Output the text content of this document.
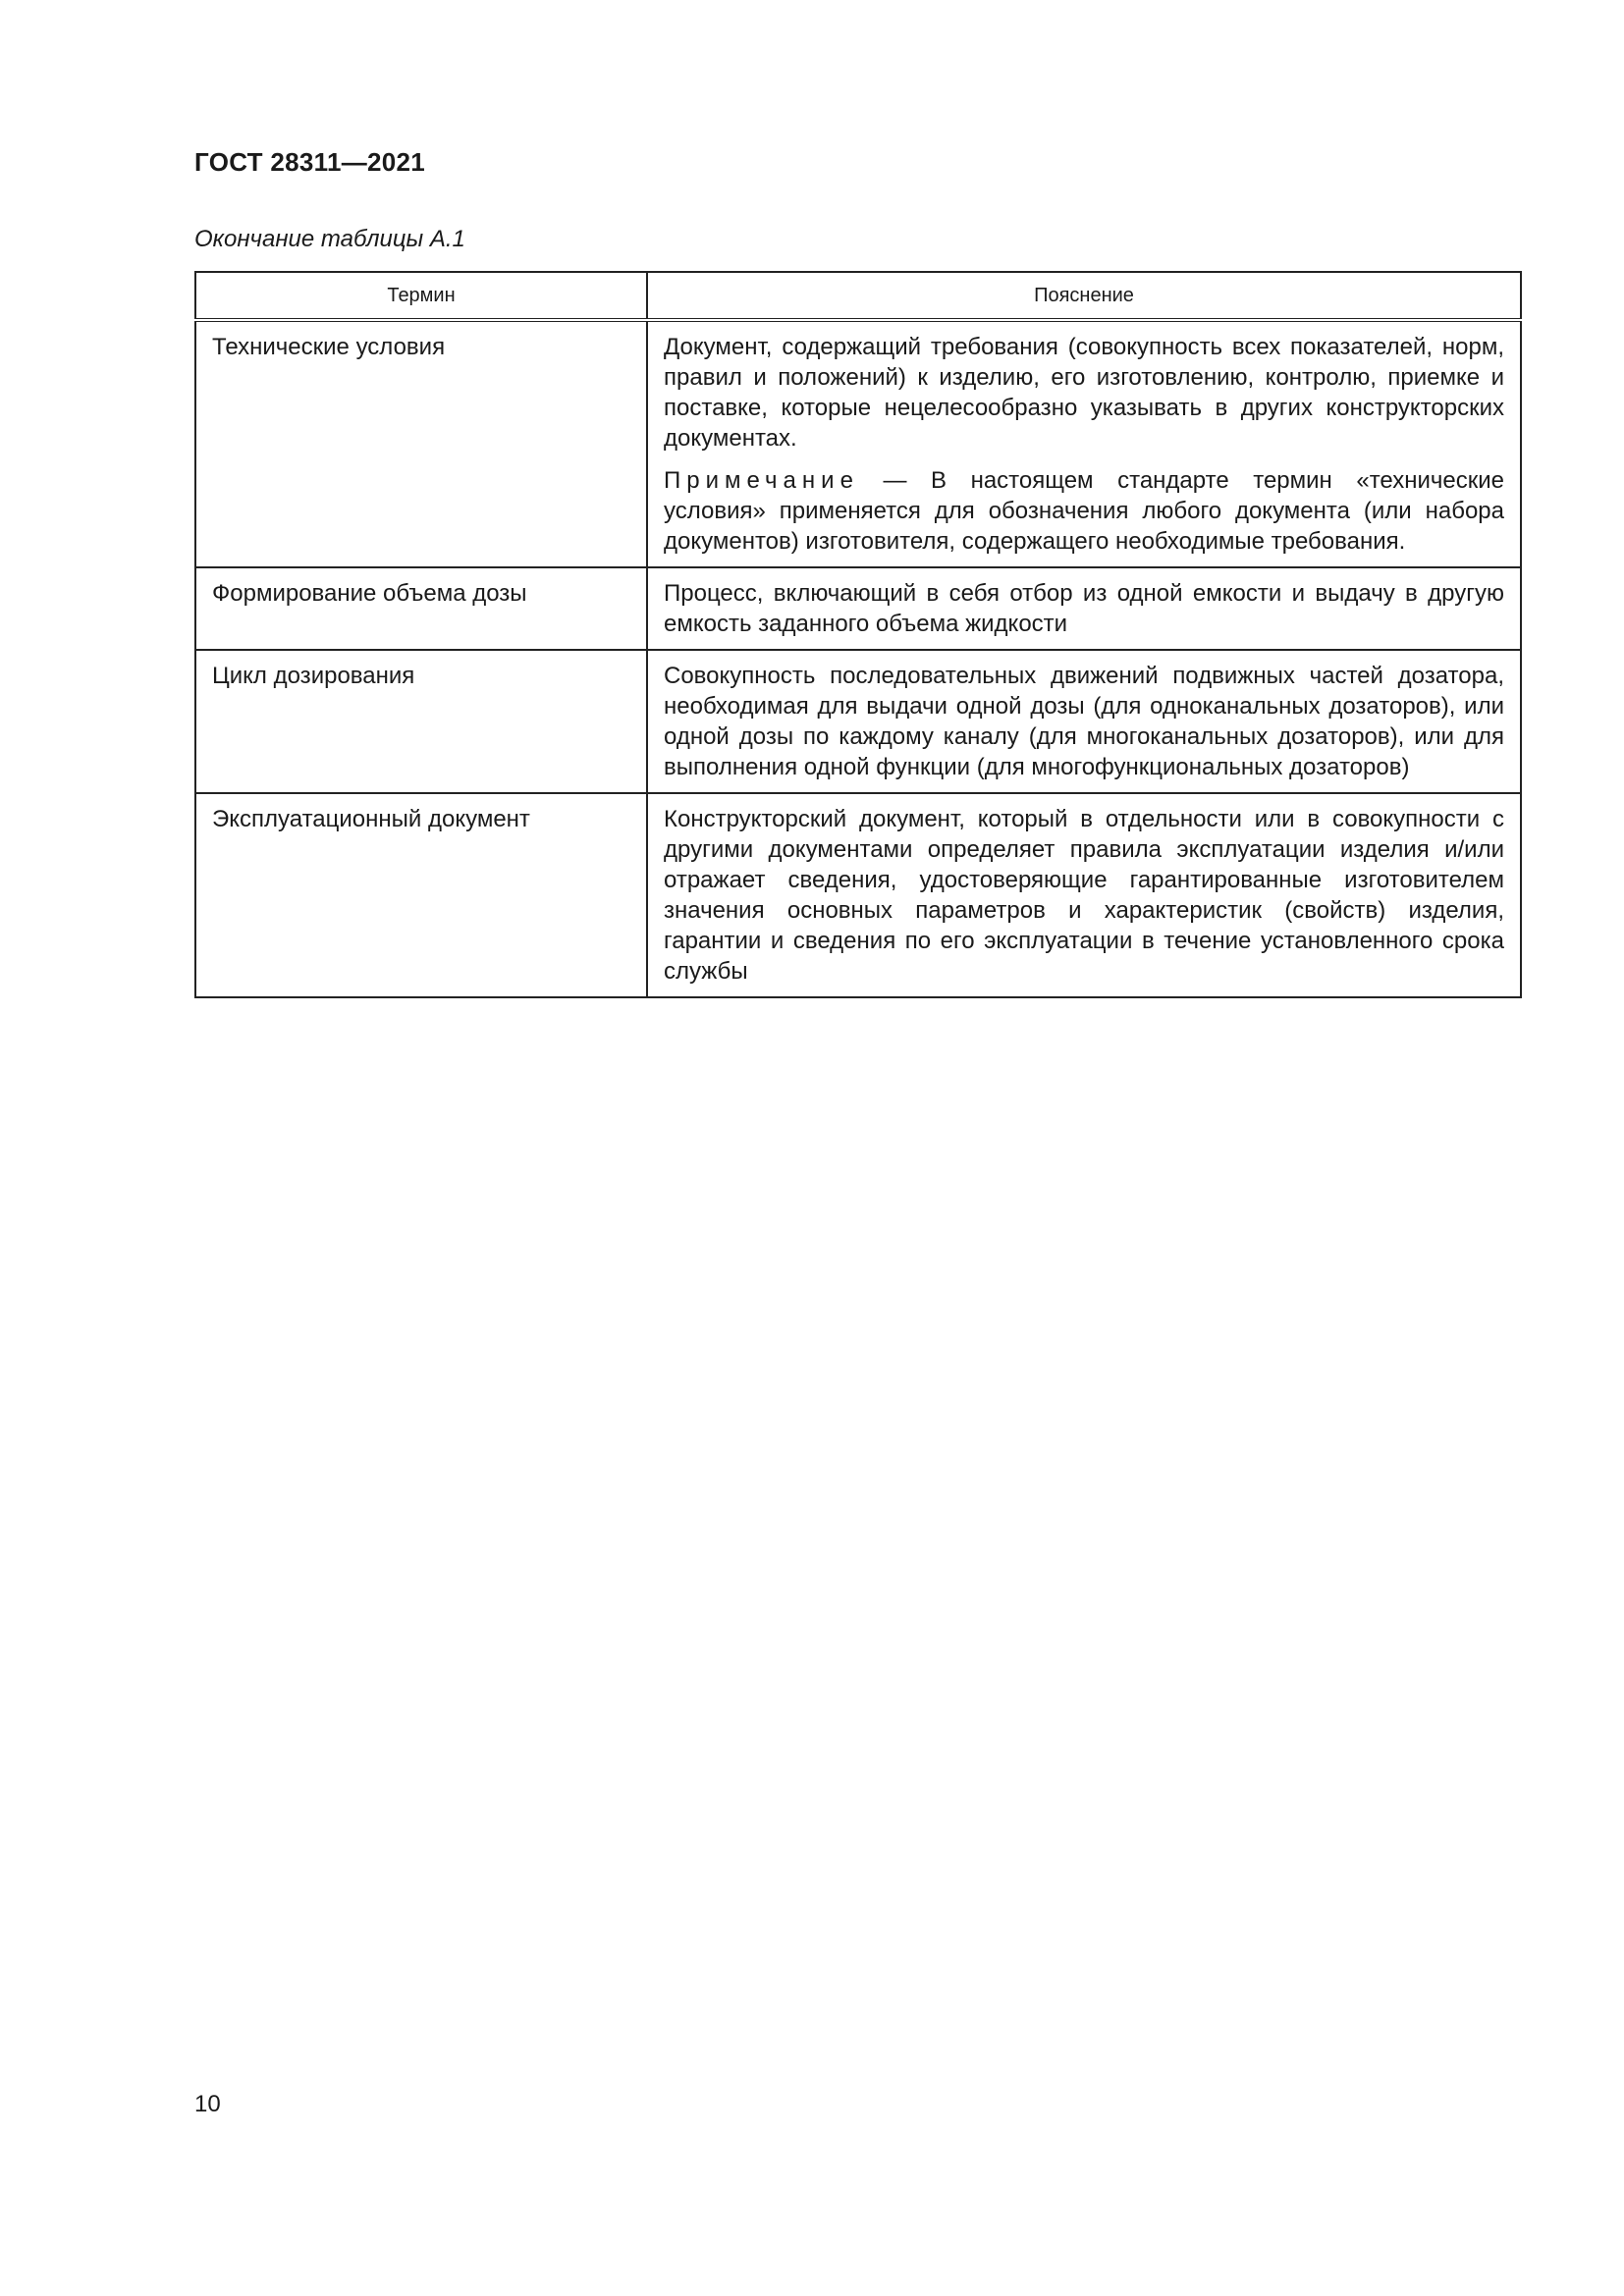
ГОСТ 28311—2021
Окончание таблицы А.1
Термин	Пояснение
Технические условия	Документ, содержащий требования (совокупность всех показателей, норм, правил и положений) к изделию, его изготовлению, контролю, приемке и поставке, которые нецелесообразно указывать в других конструкторских документах.

Примечание — В настоящем стандарте термин «технические условия» применяется для обозначения любого документа (или набора документов) изготовителя, содержащего необходимые требования.

Формирование объема дозы	Процесс, включающий в себя отбор из одной емкости и выдачу в другую емкость заданного объема жидкости
Цикл дозирования	Совокупность последовательных движений подвижных частей дозатора, необходимая для выдачи одной дозы (для одноканальных дозаторов), или одной дозы по каждому каналу (для многоканальных дозаторов), или для выполнения одной функции (для многофункциональных дозаторов)
Эксплуатационный документ	Конструкторский документ, который в отдельности или в совокупности с другими документами определяет правила эксплуатации изделия и/или отражает сведения, удостоверяющие гарантированные изготовителем значения основных параметров и характеристик (свойств) изделия, гарантии и сведения по его эксплуатации в течение установленного срока службы
10
